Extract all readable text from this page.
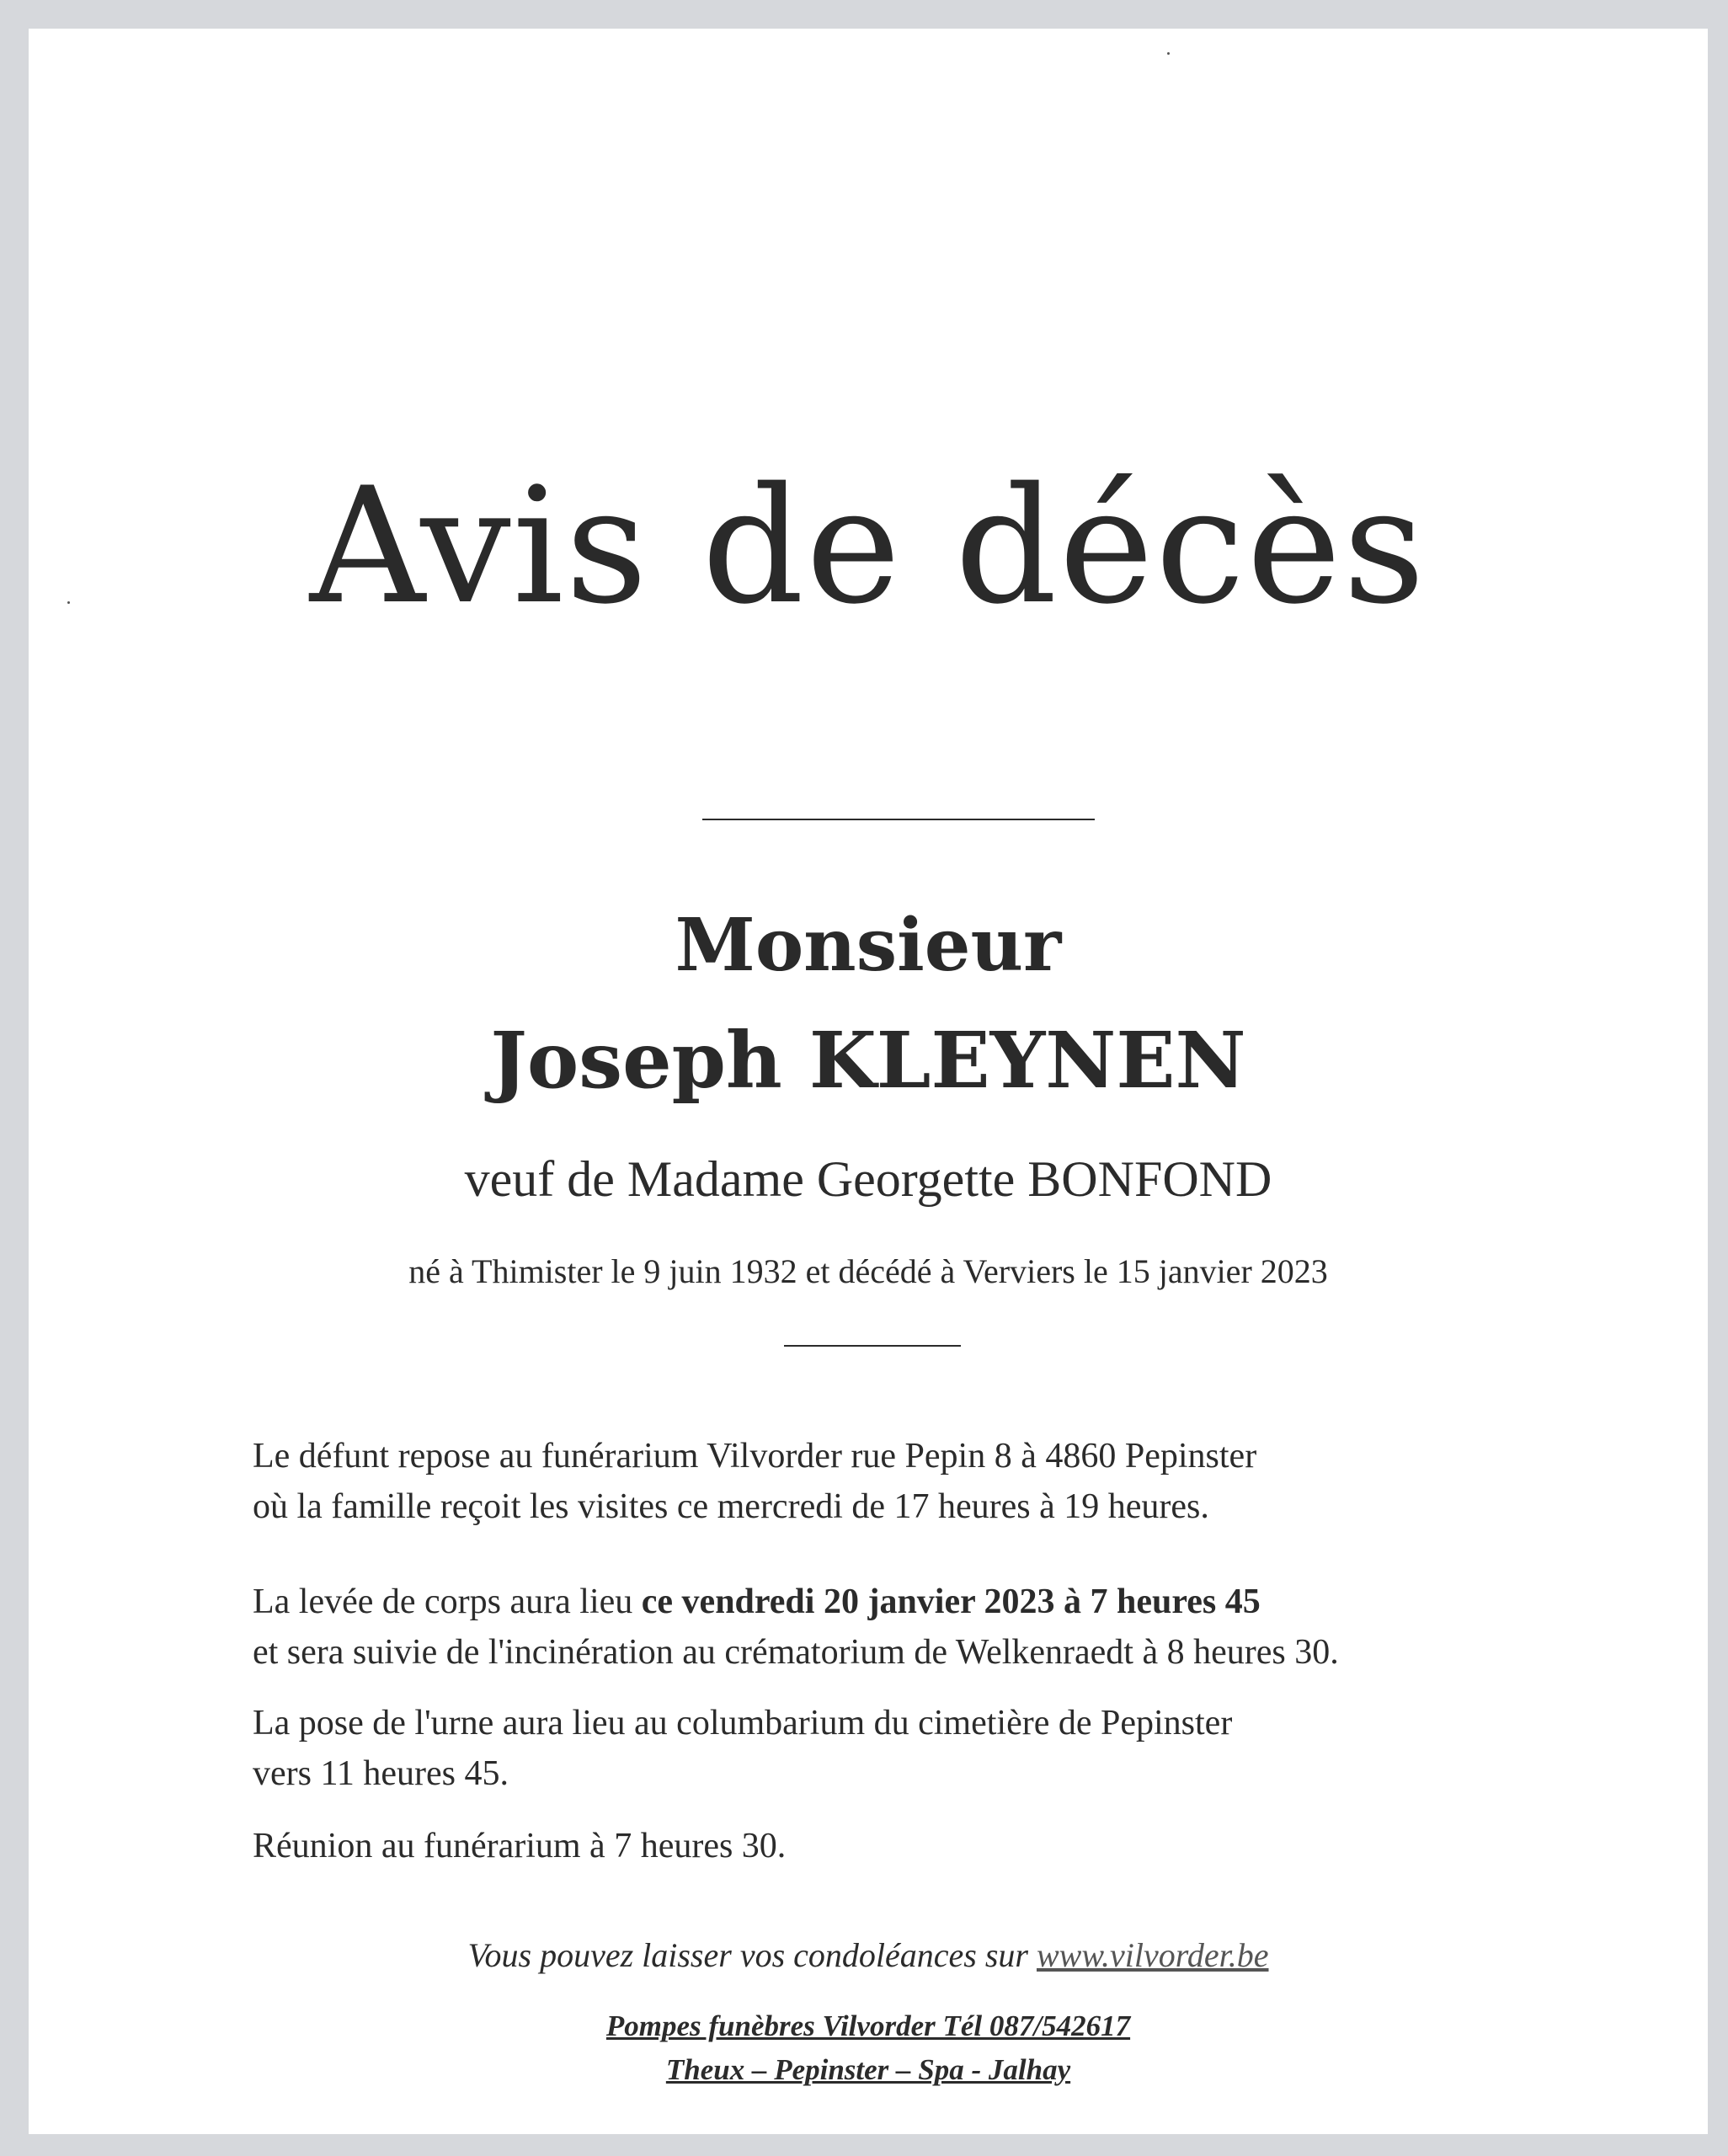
Avis de décès
Monsieur
Joseph KLEYNEN
veuf de Madame Georgette BONFOND
né à Thimister le 9 juin 1932 et décédé à Verviers le 15 janvier 2023
Le défunt repose au funérarium Vilvorder rue Pepin 8 à 4860 Pepinster
où la famille reçoit les visites ce mercredi de 17 heures à 19 heures.
La levée de corps aura lieu ce vendredi 20 janvier 2023 à 7 heures 45
et sera suivie de l'incinération au crématorium de Welkenraedt à 8 heures 30.
La pose de l'urne aura lieu au columbarium du cimetière de Pepinster
vers 11 heures 45.
Réunion au funérarium à 7 heures 30.
Vous pouvez laisser vos condoléances sur www.vilvorder.be
Pompes funèbres Vilvorder Tél 087/542617
Theux – Pepinster – Spa - Jalhay
